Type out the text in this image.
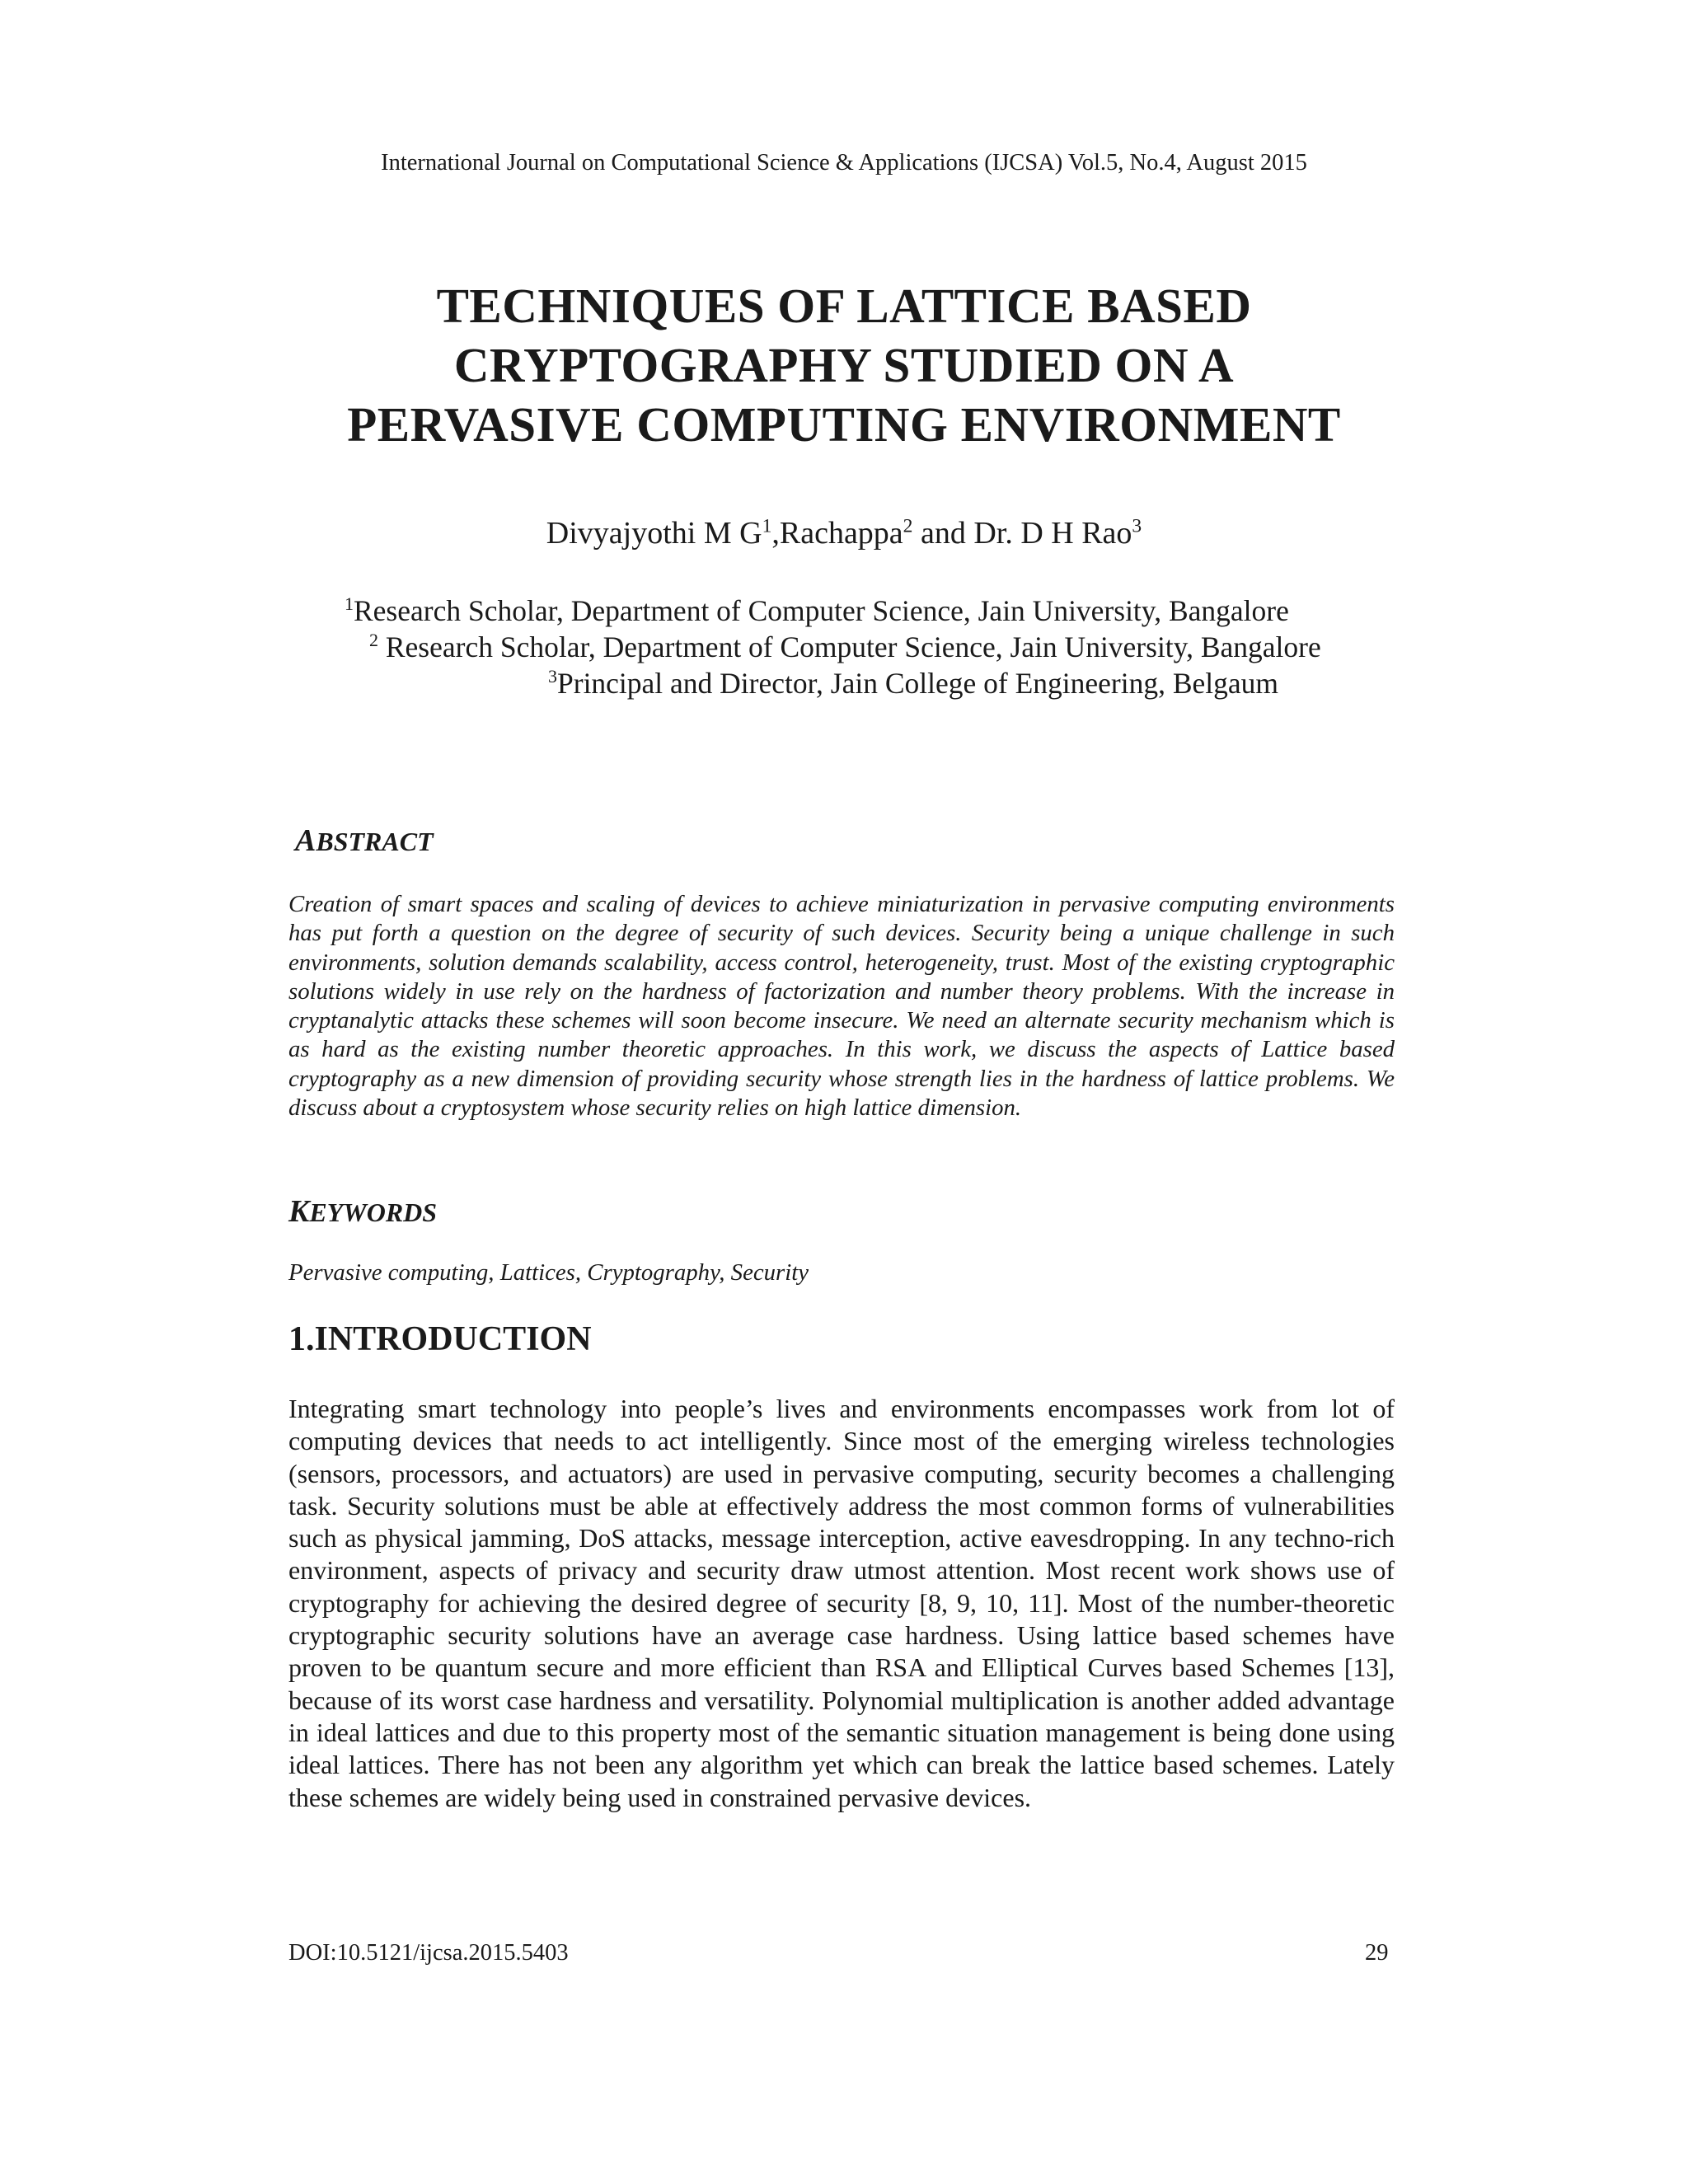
International Journal on Computational Science & Applications (IJCSA) Vol.5, No.4, August 2015
TECHNIQUES OF LATTICE BASED
CRYPTOGRAPHY STUDIED ON A
PERVASIVE COMPUTING ENVIRONMENT
Divyajyothi M $G^1,Rachappa^2$ and Dr. D H Rao$^3$
$^1$Research Scholar, Department of Computer Science, Jain University, Bangalore
$^2$ Research Scholar, Department of Computer Science, Jain University, Bangalore
$^3$Principal and Director, Jain College of Engineering, Belgaum
ABSTRACT
Creation of smart spaces and scaling of devices to achieve miniaturization in pervasive computing environments has put forth a question on the degree of security of such devices. Security being a unique challenge in such environments, solution demands scalability, access control, heterogeneity, trust. Most of the existing cryptographic solutions widely in use rely on the hardness of factorization and number theory problems. With the increase in cryptanalytic attacks these schemes will soon become insecure. We need an alternate security mechanism which is as hard as the existing number theoretic approaches. In this work, we discuss the aspects of Lattice based cryptography as a new dimension of providing security whose strength lies in the hardness of lattice problems. We discuss about a cryptosystem whose security relies on high lattice dimension.
KEYWORDS
Pervasive computing, Lattices, Cryptography, Security
1.INTRODUCTION
Integrating smart technology into people’s lives and environments encompasses work from lot of computing devices that needs to act intelligently. Since most of the emerging wireless technologies (sensors, processors, and actuators) are used in pervasive computing, security becomes a challenging task. Security solutions must be able at effectively address the most common forms of vulnerabilities such as physical jamming, DoS attacks, message interception, active eavesdropping. In any techno-rich environment, aspects of privacy and security draw utmost attention. Most recent work shows use of cryptography for achieving the desired degree of security [8, 9, 10, 11]. Most of the number-theoretic cryptographic security solutions have an average case hardness. Using lattice based schemes have proven to be quantum secure and more efficient than RSA and Elliptical Curves based Schemes [13], because of its worst case hardness and versatility. Polynomial multiplication is another added advantage in ideal lattices and due to this property most of the semantic situation management is being done using ideal lattices. There has not been any algorithm yet which can break the lattice based schemes. Lately these schemes are widely being used in constrained pervasive devices.
DOI:10.5121/ijcsa.2015.5403	29
